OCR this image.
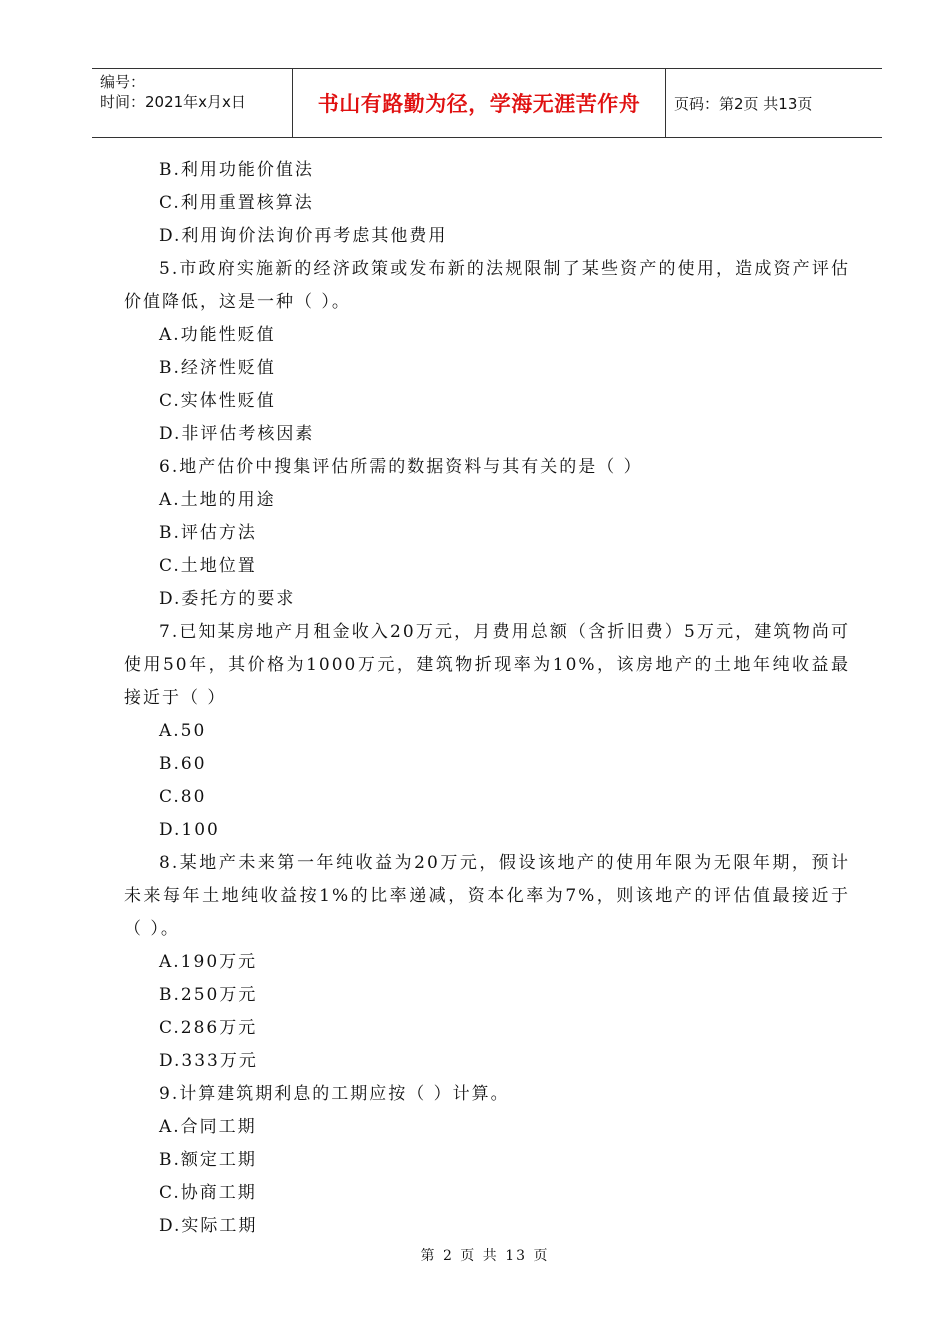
编号：
时间：2021年x月x日	书山有路勤为径，学海无涯苦作舟 页码：第2页 共13页
B.利用功能价值法
C.利用重置核算法
D.利用询价法询价再考虑其他费用
5.市政府实施新的经济政策或发布新的法规限制了某些资产的使用，造成资产评估价值降低，这是一种（ ）。
A.功能性贬值
B.经济性贬值
C.实体性贬值
D.非评估考核因素
6.地产估价中搜集评估所需的数据资料与其有关的是（ ）
A.土地的用途
B.评估方法
C.土地位置
D.委托方的要求
7.已知某房地产月租金收入20万元，月费用总额（含折旧费）5万元，建筑物尚可使用50年，其价格为1000万元，建筑物折现率为10%，该房地产的土地年纯收益最接近于（ ）
A.50
B.60
C.80
D.100
8.某地产未来第一年纯收益为20万元，假设该地产的使用年限为无限年期，预计未来每年土地纯收益按1%的比率递减，资本化率为7%，则该地产的评估值最接近于（ ）。
A.190万元
B.250万元
C.286万元
D.333万元
9.计算建筑期利息的工期应按（ ）计算。
A.合同工期
B.额定工期
C.协商工期
D.实际工期
第 2 页 共 13 页
